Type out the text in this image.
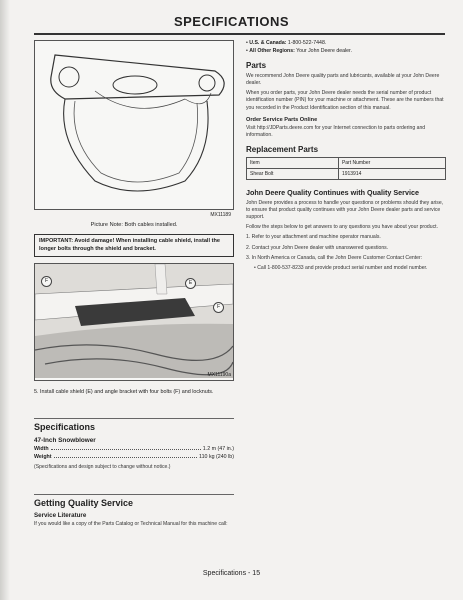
SPECIFICATIONS
MX11189
Picture Note: Both cables installed.
IMPORTANT: Avoid damage! When installing cable shield, install the longer bolts through the shield and bracket.
F	E
F
MX11190a
5. Install cable shield (E) and angle bracket with four bolts (F) and locknuts.
Specifications
47-Inch Snowblower
Width	1.2 m (47 in.)
Weight	110 kg (240 lb)
(Specifications and design subject to change without notice.)
Getting Quality Service
Service Literature
If you would like a copy of the Parts Catalog or Technical Manual for this machine call:
• U.S. & Canada: 1-800-522-7448.
• All Other Regions: Your John Deere dealer.
Parts
We recommend John Deere quality parts and lubricants, available at your John Deere dealer.
When you order parts, your John Deere dealer needs the serial number of product identification number (PIN) for your machine or attachment. These are the numbers that you recorded in the Product Identification section of this manual.
Order Service Parts Online
Visit http://JDParts.deere.com for your Internet connection to parts ordering and information.
Replacement Parts
Item	Part Number
Shear Bolt	1913914
John Deere Quality Continues with Quality Service
John Deere provides a process to handle your questions or problems should they arise, to ensure that product quality continues with your John Deere dealer parts and service support.
Follow the steps below to get answers to any questions you have about your product.
1. Refer to your attachment and machine operator manuals.
2. Contact your John Deere dealer with unanswered questions.
3. In North America or Canada, call the John Deere Customer Contact Center:
• Call 1-800-537-8233 and provide product serial number and model number.
Specifications - 15
